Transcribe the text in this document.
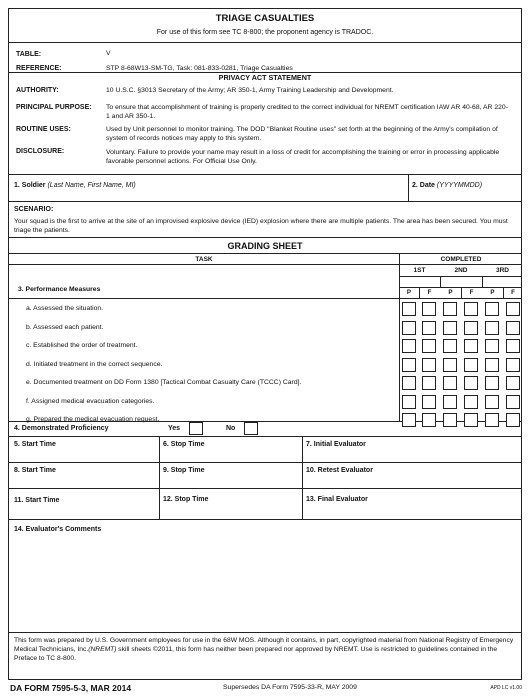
TRIAGE CASUALTIES
For use of this form see TC 8-800; the proponent agency is TRADOC.
TABLE:	V
REFERENCE:	STP 8-68W13-SM-TG, Task: 081-833-0281, Triage Casualties
PRIVACY ACT STATEMENT
AUTHORITY:	10 U.S.C. §3013 Secretary of the Army; AR 350-1, Army Training Leadership and Development.
PRINCIPAL PURPOSE: To ensure that accomplishment of training is properly credited to the correct individual for NREMT certification IAW AR 40-68, AR 220-1 and AR 350-1.
ROUTINE USES:	Used by Unit personnel to monitor training. The DOD "Blanket Routine uses" set forth at the beginning of the Army's compilation of system of records notices may apply to this system.
DISCLOSURE:	Voluntary. Failure to provide your name may result in a loss of credit for accomplishing the training or error in processing applicable favorable personnel actions. For Official Use Only.
1. Soldier (Last Name, First Name, MI)	2. Date (YYYYMMDD)
SCENARIO:
Your squad is the first to arrive at the site of an improvised explosive device (IED) explosion where there are multiple patients. The area has been secured. You must triage the patients.
GRADING SHEET
TASK	COMPLETED
3. Performance Measures
1ST	2ND	3RD
P	F	P	F	P	F
a. Assessed the situation.
b. Assessed each patient.
c. Established the order of treatment.
d. Initiated treatment in the correct sequence.
e. Documented treatment on DD Form 1380 [Tactical Combat Casualty Care (TCCC) Card].
f. Assigned medical evacuation categories.
g. Prepared the medical evacuation request.
4. Demonstrated Proficiency	Yes	No
5. Start Time	6. Stop Time	7. Initial Evaluator
8. Start Time	9. Stop Time	10. Retest Evaluator
11. Start Time	12. Stop Time	13. Final Evaluator
14. Evaluator's Comments
This form was prepared by U.S. Government employees for use in the 68W MOS. Although it contains, in part, copyrighted material from National Registry of Emergency Medical Technicians, Inc.(NREMT) skill sheets ©2011, this form has neither been prepared nor approved by NREMT. Use is restricted to guidelines contained in the Preface to TC 8-800.
DA FORM 7595-5-3, MAR 2014	Supersedes DA Form 7595-33-R, MAY 2009	APD LC v1.00
